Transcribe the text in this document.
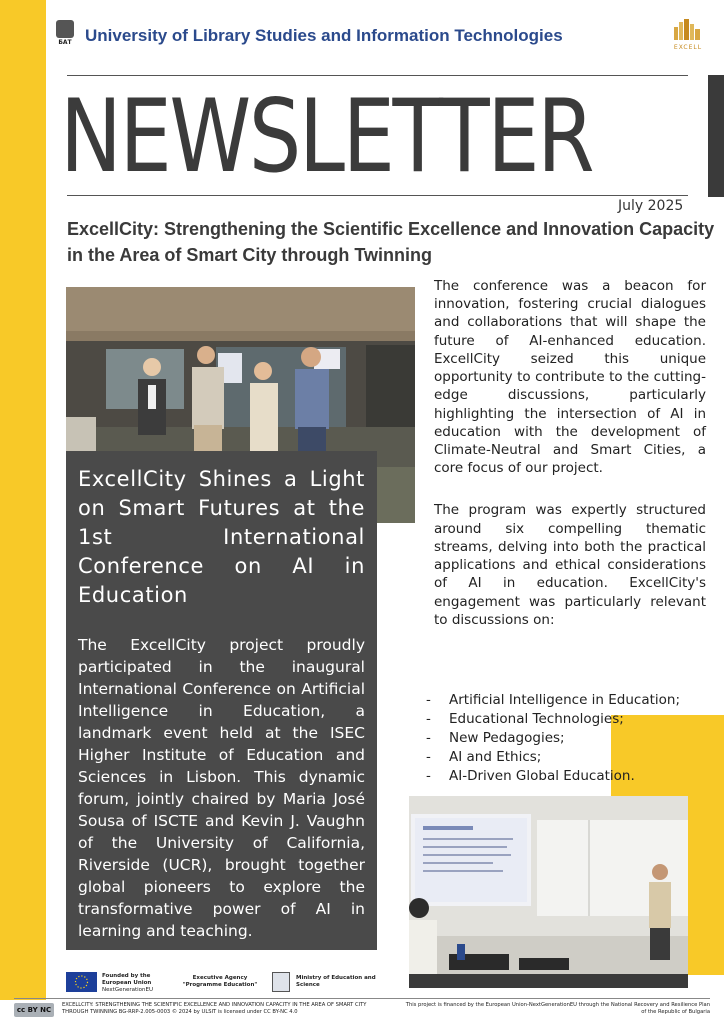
БАТ University of Library Studies and Information Technologies
EXCELL
NEWSLETTER
July 2025
ExcellCity: Strengthening the Scientific Excellence and Innovation Capacity in the Area of Smart City through Twinning
ExcellCity Shines a Light on Smart Futures at the 1st International Conference on AI in Education
The ExcellCity project proudly participated in the inaugural International Conference on Artificial Intelligence in Education, a landmark event held at the ISEC Higher Institute of Education and Sciences in Lisbon. This dynamic forum, jointly chaired by Maria José Sousa of ISCTE and Kevin J. Vaughn of the University of California, Riverside (UCR), brought together global pioneers to explore the transformative power of AI in learning and teaching.

The conference was a beacon for innovation, fostering crucial dialogues and collaborations that will shape the future of AI-enhanced education. ExcellCity seized this unique opportunity to contribute to the cutting-edge discussions, particularly highlighting the intersection of AI in education with the development of Climate-Neutral and Smart Cities, a core focus of our project.

The program was expertly structured around six compelling thematic streams, delving into both the practical applications and ethical considerations of AI in education. ExcellCity's engagement was particularly relevant to discussions on:

- Artificial Intelligence in Education;
- Educational Technologies;
- New Pedagogies;
- AI and Ethics;
- AI-Driven Global Education.
Founded by the
European Union
NextGenerationEU
Executive Agency
"Programme Education"
Ministry of Education and
Science
cc BY NC
EXCELLCITY: STRENGTHENING THE SCIENTIFIC EXCELLENCE AND INNOVATION CAPACITY IN THE AREA OF SMART CITY THROUGH TWINNING BG-RRP-2.005-0003 © 2024 by ULSIT is licensed under CC BY-NC 4.0
This project is financed by the European Union-NextGenerationEU through the National Recovery and Resilience Plan of the Republic of Bulgaria
